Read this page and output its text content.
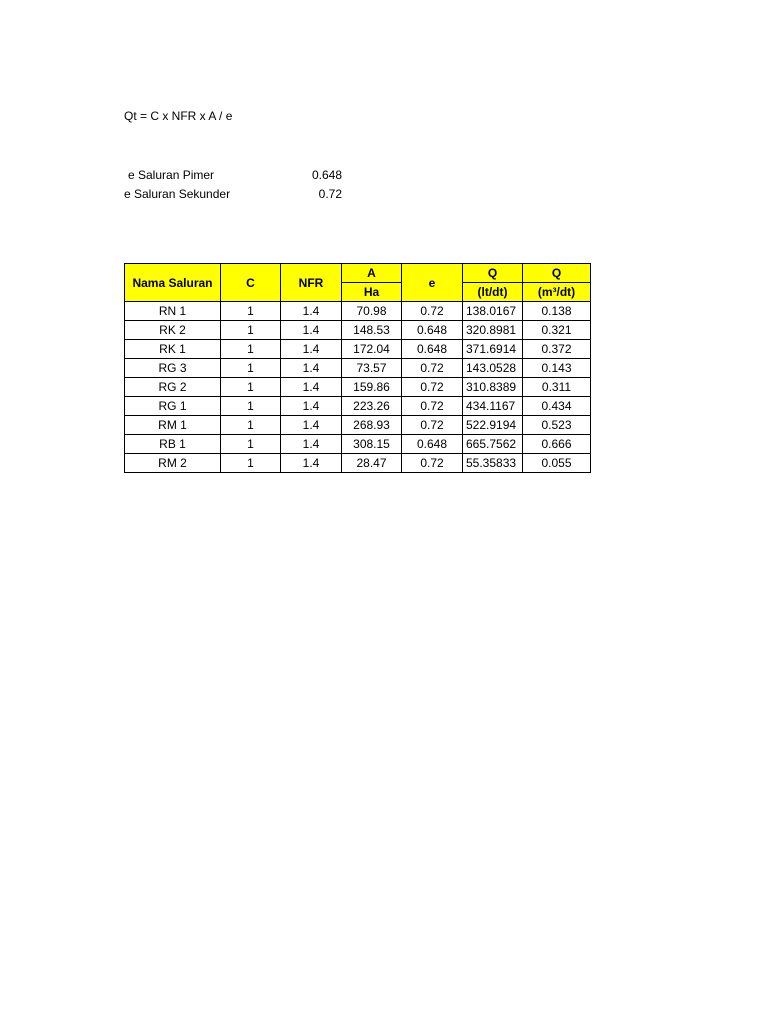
Qt = C x NFR x A / e
e Saluran Pimer	0.648
e Saluran Sekunder	0.72
Nama Saluran	C	NFR	A	e	Q	Q
			Ha		(lt/dt)	(m³/dt)
RN 1	1	1.4	70.98	0.72	138.0167	0.138
RK 2	1	1.4	148.53	0.648	320.8981	0.321
RK 1	1	1.4	172.04	0.648	371.6914	0.372
RG 3	1	1.4	73.57	0.72	143.0528	0.143
RG 2	1	1.4	159.86	0.72	310.8389	0.311
RG 1	1	1.4	223.26	0.72	434.1167	0.434
RM 1	1	1.4	268.93	0.72	522.9194	0.523
RB 1	1	1.4	308.15	0.648	665.7562	0.666
RM 2	1	1.4	28.47	0.72	55.35833	0.055
